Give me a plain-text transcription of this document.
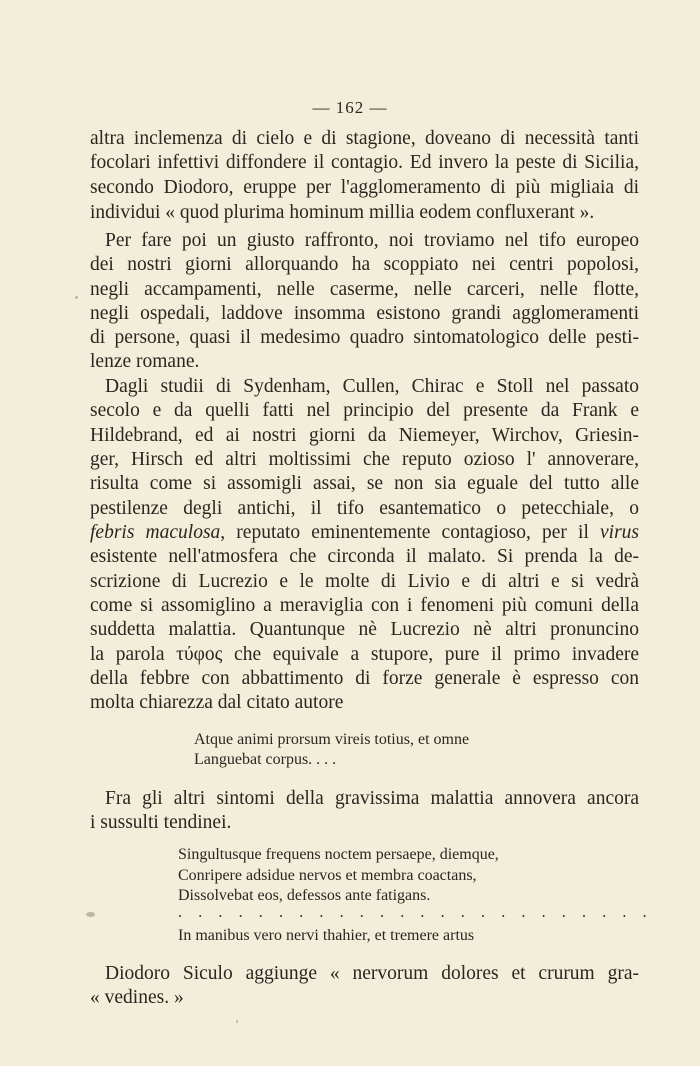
— 162 —
altra inclemenza di cielo e di stagione, doveano di necessità tanti
focolari infettivi diffondere il contagio. Ed invero la peste di Sicilia,
secondo Diodoro, eruppe per l'agglomeramento di più migliaia di
individui « quod plurima hominum millia eodem confluxerant ».
Per fare poi un giusto raffronto, noi troviamo nel tifo europeo
dei nostri giorni allorquando ha scoppiato nei centri popolosi,
negli accampamenti, nelle caserme, nelle carceri, nelle flotte,
negli ospedali, laddove insomma esistono grandi agglomeramenti
di persone, quasi il medesimo quadro sintomatologico delle pesti-
lenze romane.
Dagli studii di Sydenham, Cullen, Chirac e Stoll nel passato
secolo e da quelli fatti nel principio del presente da Frank e
Hildebrand, ed ai nostri giorni da Niemeyer, Wirchov, Griesin-
ger, Hirsch ed altri moltissimi che reputo ozioso l' annoverare,
risulta come si assomigli assai, se non sia eguale del tutto alle
pestilenze degli antichi, il tifo esantematico o petecchiale, o
febris maculosa, reputato eminentemente contagioso, per il virus
esistente nell'atmosfera che circonda il malato. Si prenda la de-
scrizione di Lucrezio e le molte di Livio e di altri e si vedrà
come si assomiglino a meraviglia con i fenomeni più comuni della
suddetta malattia. Quantunque nè Lucrezio nè altri pronuncino
la parola τύφος che equivale a stupore, pure il primo invadere
della febbre con abbattimento di forze generale è espresso con
molta chiarezza dal citato autore
Atque animi prorsum vireis totius, et omne
Languebat corpus. . . .
Fra gli altri sintomi della gravissima malattia annovera ancora
i sussulti tendinei.
Singultusque frequens noctem persaepe, diemque,
Conripere adsidue nervos et membra coactans,
Dissolvebat eos, defessos ante fatigans.
. . . . . . . . . . . . . . . . . . . . . . . .
In manibus vero nervi thahier, et tremere artus
Diodoro Siculo aggiunge « nervorum dolores et crurum gra-
« vedines. »
